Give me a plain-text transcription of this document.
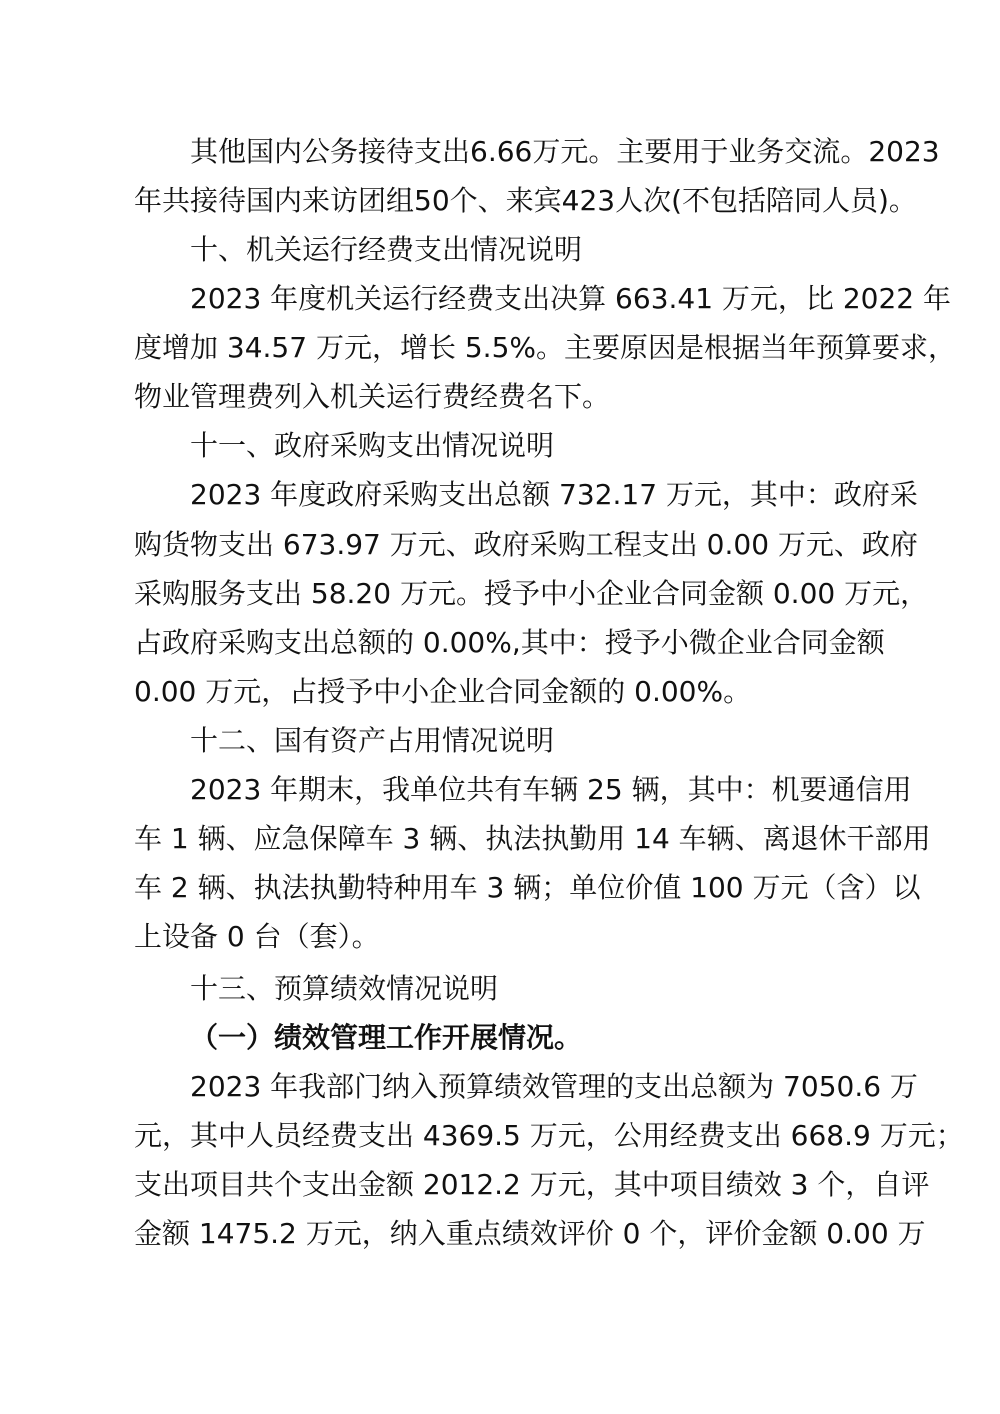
其他国内公务接待支出6.66万元。主要用于业务交流。2023
年共接待国内来访团组50个、来宾423人次(不包括陪同人员)。
十、机关运行经费支出情况说明
2023 年度机关运行经费支出决算 663.41 万元，比 2022 年
度增加 34.57 万元，增长 5.5%。主要原因是根据当年预算要求，
物业管理费列入机关运行费经费名下。
十一、政府采购支出情况说明
2023 年度政府采购支出总额 732.17 万元，其中：政府采
购货物支出 673.97 万元、政府采购工程支出 0.00 万元、政府
采购服务支出 58.20 万元。授予中小企业合同金额 0.00 万元，
占政府采购支出总额的 0.00%,其中：授予小微企业合同金额
0.00 万元，占授予中小企业合同金额的 0.00%。
十二、国有资产占用情况说明
2023 年期末，我单位共有车辆 25 辆，其中：机要通信用
车 1 辆、应急保障车 3 辆、执法执勤用 14 车辆、离退休干部用
车 2 辆、执法执勤特种用车 3 辆；单位价值 100 万元（含）以
上设备 0 台（套）。
十三、预算绩效情况说明
（一）绩效管理工作开展情况。
2023 年我部门纳入预算绩效管理的支出总额为 7050.6 万
元，其中人员经费支出 4369.5 万元，公用经费支出 668.9 万元；
支出项目共个支出金额 2012.2 万元，其中项目绩效 3 个，自评
金额 1475.2 万元，纳入重点绩效评价 0 个，评价金额 0.00 万
